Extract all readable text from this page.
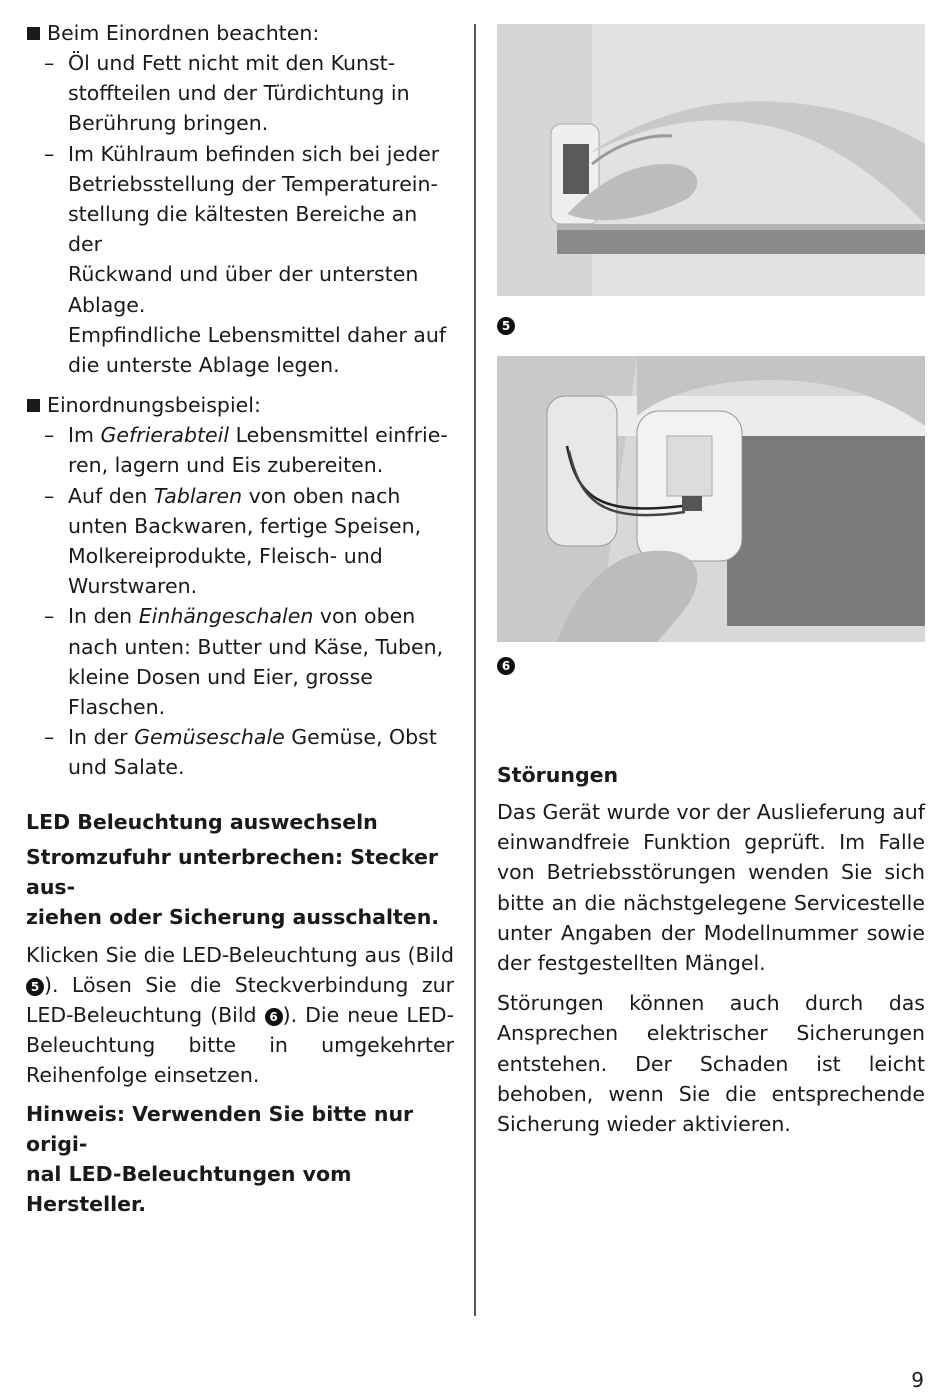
Beim Einordnen beachten:
– Öl und Fett nicht mit den Kunst-

stoffteilen und der Türdichtung in

Berührung bringen.

– Im Kühlraum befinden sich bei jeder

Betriebsstellung der Temperaturein-

stellung die kältesten Bereiche an der

Rückwand und über der untersten

Ablage.

Empfindliche Lebensmittel daher auf

die unterste Ablage legen.

Einordnungsbeispiel:
– Im Gefrierabteil Lebensmittel einfrie-

ren, lagern und Eis zubereiten.

– Auf den Tablaren von oben nach

unten Backwaren, fertige Speisen,

Molkereiprodukte, Fleisch- und

Wurstwaren.

– In den Einhängeschalen von oben

nach unten: Butter und Käse, Tuben,

kleine Dosen und Eier, grosse

Flaschen.

– In der Gemüseschale Gemüse, Obst

und Salate.

LED Beleuchtung auswechseln
Stromzufuhr unterbrechen: Stecker aus-
ziehen oder Sicherung ausschalten.

Klicken Sie die LED-Beleuchtung aus (Bild 5 ). Lösen Sie die Steckverbindung zur LED-Beleuchtung (Bild 6 ). Die neue LED-Beleuchtung bitte in umgekehrter Reihenfolge einsetzen.

Hinweis: Verwenden Sie bitte nur origi-
nal LED-Beleuchtungen vom Hersteller.
5
6
Störungen

Das Gerät wurde vor der Auslieferung auf einwandfreie Funktion geprüft. Im Falle von Betriebsstörungen wenden Sie sich bitte an die nächstgelegene Servicestelle unter Angaben der Modellnummer sowie der festgestellten Mängel.

Störungen können auch durch das Ansprechen elektrischer Sicherungen entstehen. Der Schaden ist leicht behoben, wenn Sie die entsprechende Sicherung wieder aktivieren.

9
